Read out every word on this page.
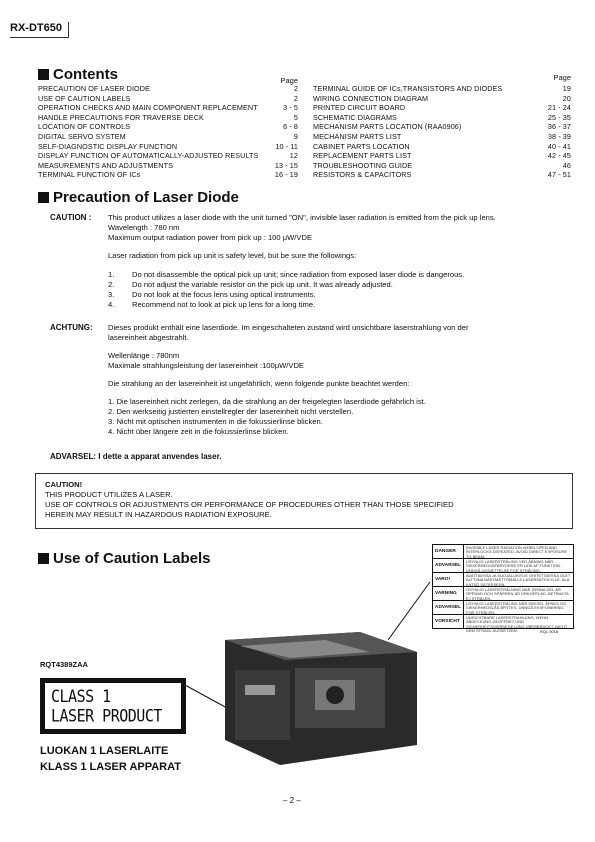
RX-DT650
Contents	Page	Page
PRECAUTION OF LASER DIODE	2
USE OF CAUTION LABELS	2
OPERATION CHECKS AND MAIN COMPONENT REPLACEMENT	3 - 5
HANDLE PRECAUTIONS FOR TRAVERSE DECK	5
LOCATION OF CONTROLS	6 - 8
DIGITAL SERVO SYSTEM	9
SELF-DIAGNOSTIC DISPLAY FUNCTION	10 - 11
DISPLAY FUNCTION OF AUTOMATICALLY-ADJUSTED RESULTS	12
MEASUREMENTS AND ADJUSTMENTS	13 - 15
TERMINAL FUNCTION OF ICs	16 - 19
TERMINAL GUIDE OF ICs,TRANSISTORS AND DIODES	19
WIRING CONNECTION DIAGRAM	20
PRINTED CIRCUIT BOARD	21 - 24
SCHEMATIC DIAGRAMS	25 - 35
MECHANISM PARTS LOCATION (RAA0906)	36 - 37
MECHANISM PARTS LIST	38 - 39
CABINET PARTS LOCATION	40 - 41
REPLACEMENT PARTS LIST	42 - 45
TROUBLESHOOTING GUIDE	46
RESISTORS & CAPACITORS	47 - 51
Precaution of Laser Diode
CAUTION : This product utilizes a laser diode with the unit turned "ON", invisible laser radiation is emitted from the pick up lens.
Wavelength : 780 nm
Maximum output radiation power from pick up : 100 μW/VDE
Laser radiation from pick up unit is safety level, but be sure the followings:
1.	Do not disassemble the optical pick up unit; since radiation from exposed laser diode is dangerous.
2.	Do not adjust the variable resistor on the pick up unit. It was already adjusted.
3.	Do not look at the focus lens using optical instruments.
4.	Recommend not to look at pick up lens for a long time.
ACHTUNG: Dieses produkt enthält eine laserdiode. Im eingeschalteten zustand wird unsichtbare laserstrahlung von der
lasereinheit abgestrahlt.
Wellenlänge : 780nm
Maximale strahlungsleistung der lasereinheit :100μW/VDE
Die strahlung an der lasereinheit ist ungefährlich, wenn folgende punkte beachtet werden:
1. Die lasereinheit nicht zerlegen, da die strahlung an der freigelegten laserdiode gefährlich ist.
2. Den werkseitig justierten einstellregler der lasereinheit nicht verstellen.
3. Nicht mit optischen instrumenten in die fokussierlinse blicken.
4. Nicht über längere zeit in die fokussierlinse blicken.
ADVARSEL: I dette a apparat anvendes laser.
CAUTION!
THIS PRODUCT UTILIZES A LASER.
USE OF CONTROLS OR ADJUSTMENTS OR PERFORMANCE OF PROCEDURES OTHER THAN THOSE SPECIFIED
HEREIN MAY RESULT IN HAZARDOUS RADIATION EXPOSURE.
Use of Caution Labels	DANGER
INVISIBLE LASER RADIATION WHEN OPEN AND INTERLOCKS DEFEATED. AVOID DIRECT EXPOSURE TO BEAM.
ADVARSEL
USYNLIG LASERSTRÅLING VED ÅBNING NÅR SIKKERHEDSAFBRYDERE ER UDE AF FUNKTION. UNDGÅ UDSÆTTELSE FOR STRÅLING.
VARO!
AVATTAESSA JA SUOJALUKITUS OHITETTAESSA OLET ALTTIINA NÄKYMÄTTÖMÄLLE LASERSÄTEILYLLE. ÄLÄ KATSO SÄTEESEEN.
VARNING
OSYNLIG LASERSTRÅLNING NÄR DENNA DEL ÄR ÖPPNAD OCH SPÄRREN ÄR URKOPPLAD. BETRAKTA EJ STRÅLEN.
ADVARSEL
USYNLIG LASERSTRÅLING NÅR DEKSEL ÅPNES OG SIKKERHEDSLÅS BRYTES. UNNGÅ EKSPONERING FOR STRÅLEN.
VORSICHT
UNSICHTBARE LASERSTRAHLUNG, WENN ABDECKUNG GEÖFFNET UND SICHERHEITSVERRIEGELUNG ÜBERBRÜCKT. NICHT DEM STRAHL AUSSETZEN.	RQL 0016
RQT4389ZAA
CLASS 1
LASER PRODUCT
LUOKAN 1 LASERLAITE
KLASS 1 LASER APPARAT
– 2 –
